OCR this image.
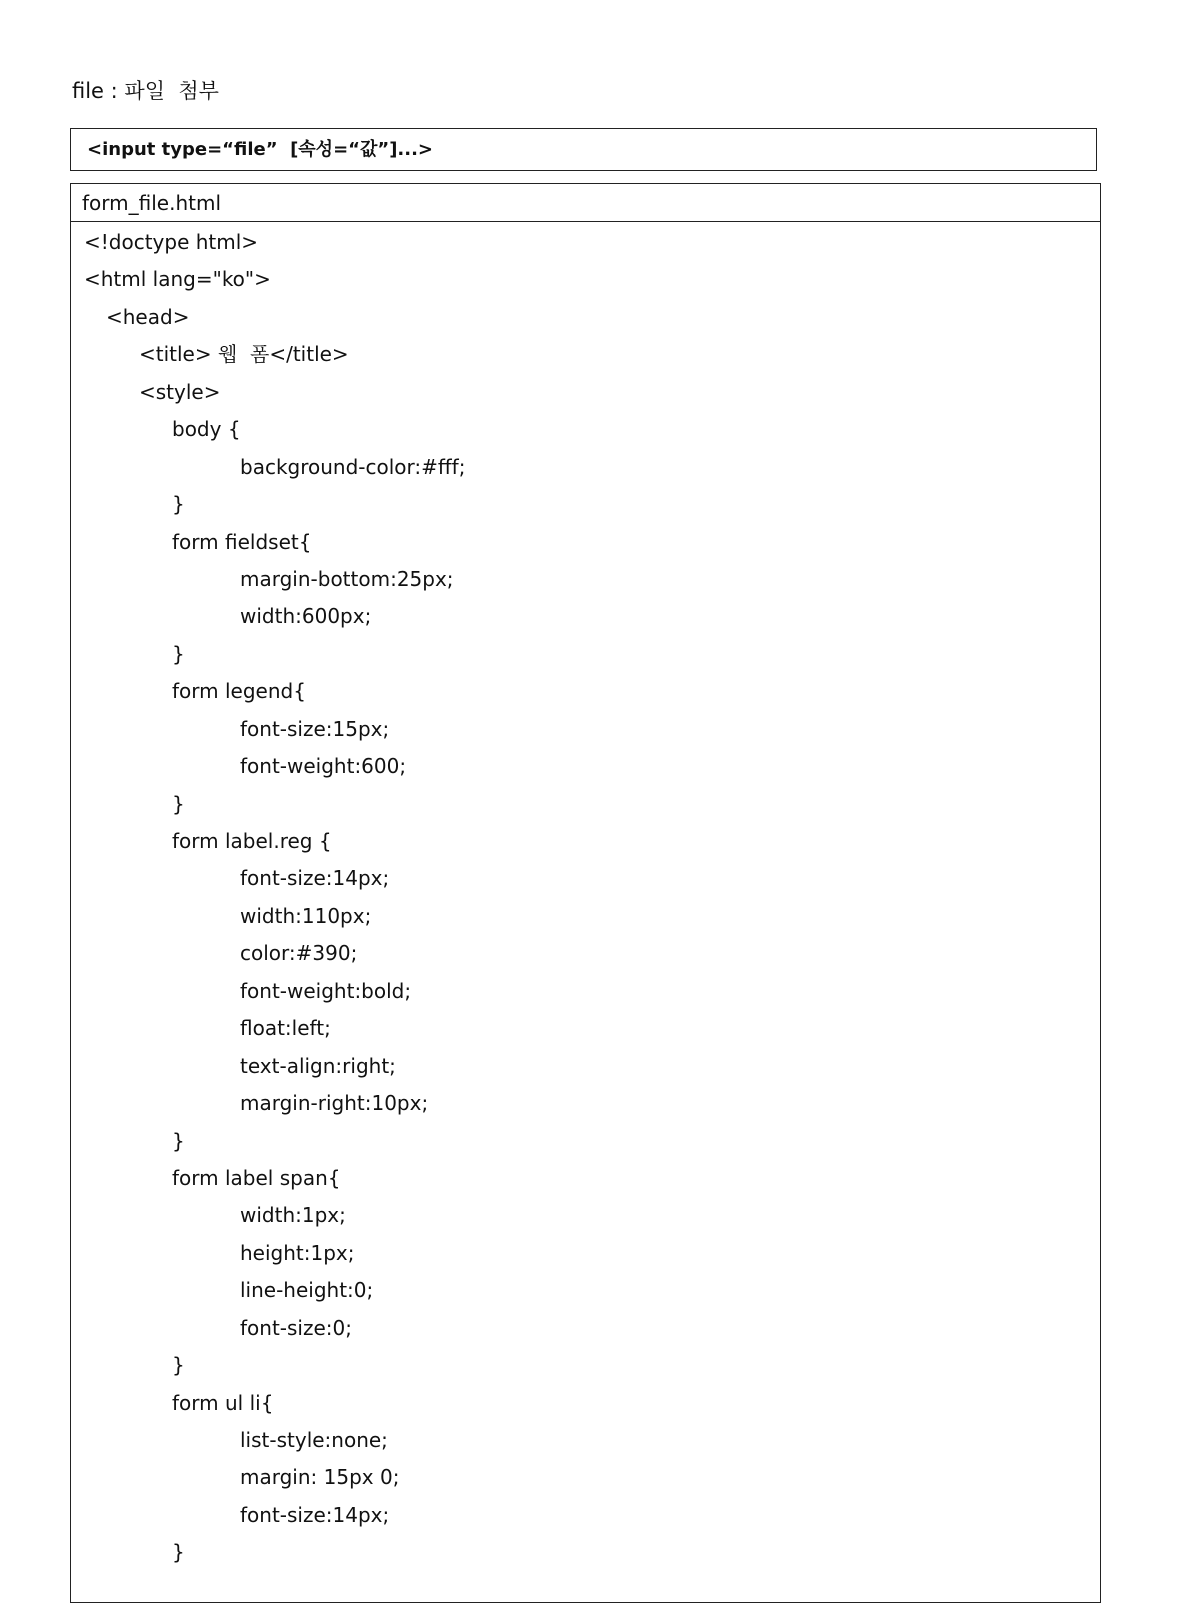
file : 파일  첨부
<input type=“file”  [속성=“값”]...>
form_file.html
<!doctype html>
<html lang="ko">
<head>
<title> 웹  폼</title>
<style>
body {
background-color:#fff;
}
form fieldset{
margin-bottom:25px;
width:600px;
}
form legend{
font-size:15px;
font-weight:600;
}
form label.reg {
font-size:14px;
width:110px;
color:#390;
font-weight:bold;
float:left;
text-align:right;
margin-right:10px;
}
form label span{
width:1px;
height:1px;
line-height:0;
font-size:0;
}
form ul li{
list-style:none;
margin: 15px 0;
font-size:14px;
}
